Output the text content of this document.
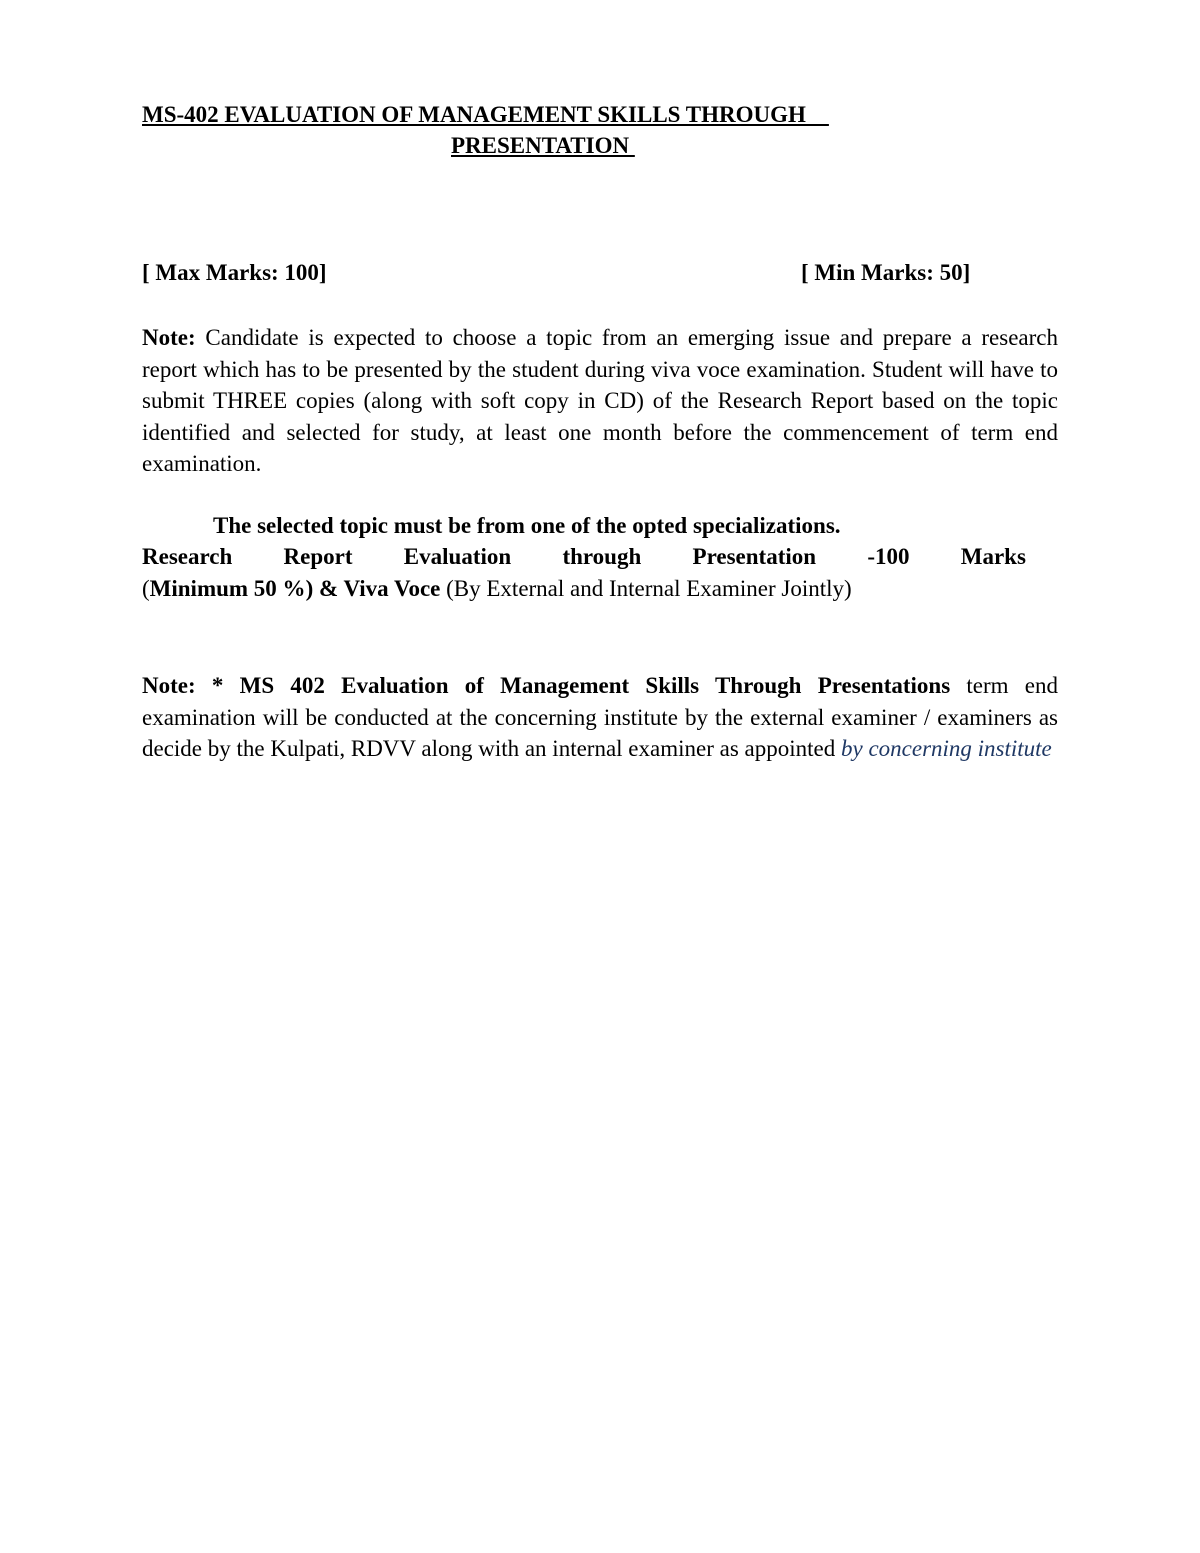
MS-402 EVALUATION OF MANAGEMENT SKILLS THROUGH
PRESENTATION
[ Max Marks: 100]	[ Min Marks: 50]
Note: Candidate is expected to choose a topic from an emerging issue and prepare a research report which has to be presented by the student during viva voce examination. Student will have to submit THREE copies (along with soft copy in CD) of the Research Report based on the topic identified and selected for study, at least one month before the commencement of term end examination.
The selected topic must be from one of the opted specializations.
Research Report Evaluation through Presentation -100 Marks
(Minimum 50 %) & Viva Voce (By External and Internal Examiner Jointly)
Note: * MS 402 Evaluation of Management Skills Through Presentations term end examination will be conducted at the concerning institute by the external examiner / examiners as decide by the Kulpati, RDVV along with an internal examiner as appointed by concerning institute
